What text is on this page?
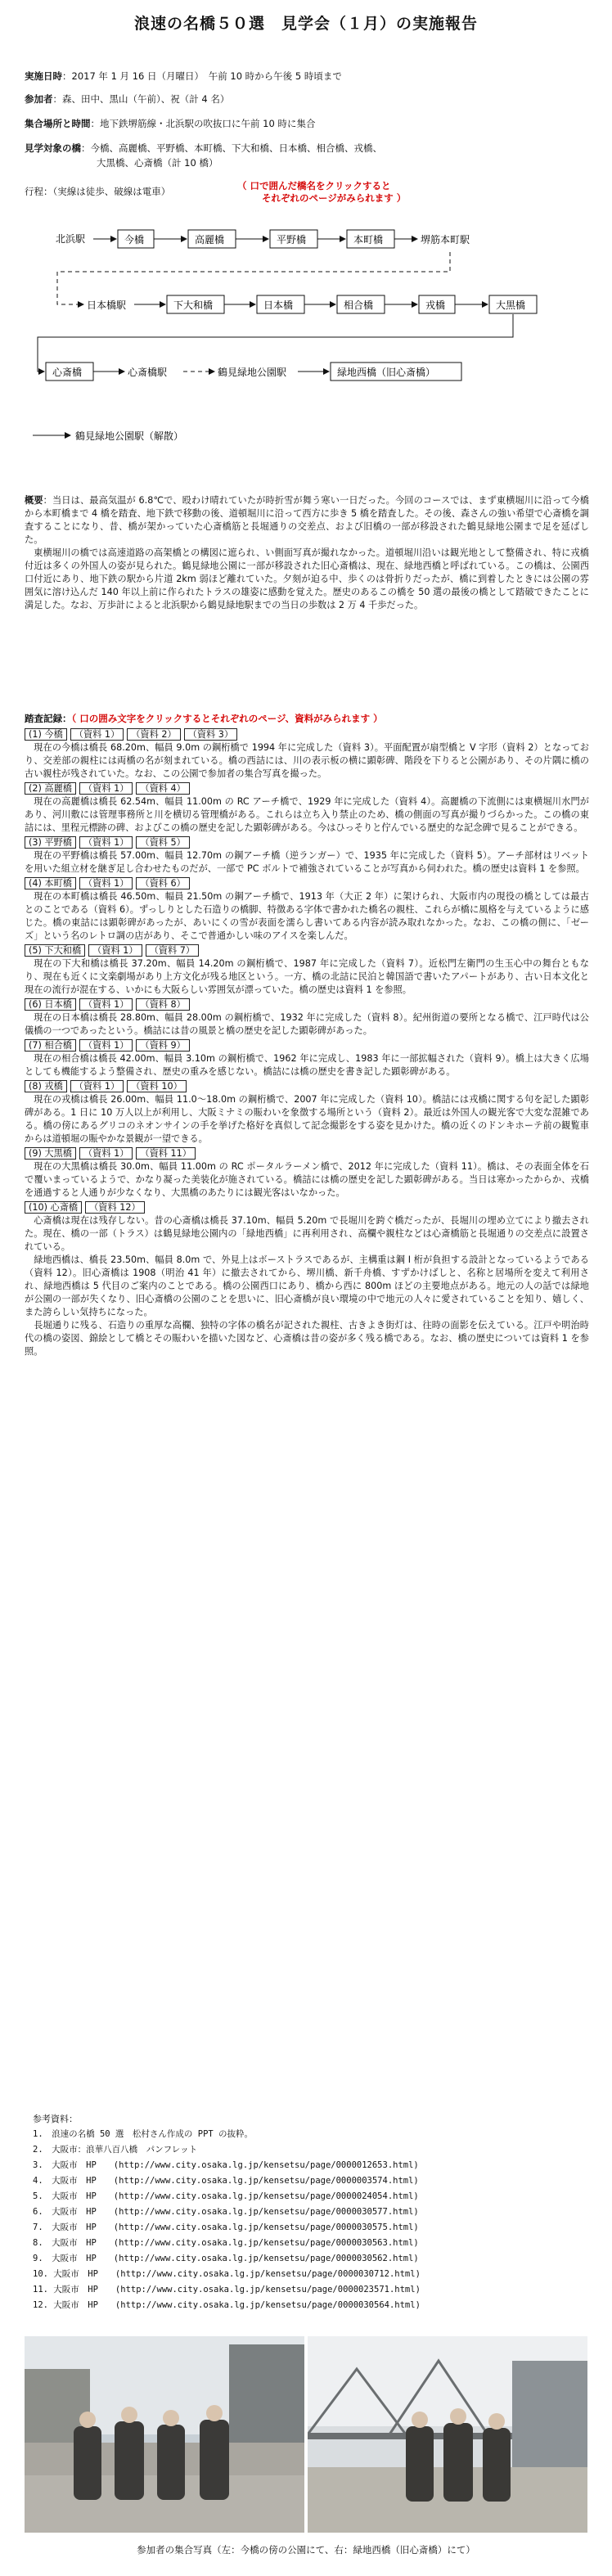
浪速の名橋５０選　見学会（１月）の実施報告
実施日時：2017 年 1 月 16 日（月曜日）　午前 10 時から午後 5 時頃まで
参加者：森、田中、黒山（午前）、祝（計 4 名）
集合場所と時間：地下鉄堺筋線・北浜駅の吹抜口に午前 10 時に集合
見学対象の橋：今橋、高麗橋、平野橋、本町橋、下大和橋、日本橋、相合橋、戎橋、
大黒橋、心斎橋（計 10 橋）
行程：（実線は徒歩、破線は電車）	（ 口で囲んだ橋名をクリックすると
それぞれのページがみられます ）
北浜駅	今橋	高麗橋	平野橋	本町橋	堺筋本町駅
日本橋駅	下大和橋	日本橋	相合橋	戎橋	大黒橋
心斎橋	心斎橋駅	鶴見緑地公園駅	緑地西橋（旧心斎橋）
鶴見緑地公園駅（解散）

概要：当日は、最高気温が 6.8℃で、殴わけ晴れていたが時折雪が舞う寒い一日だった。今回のコースでは、まず東横堀川に沿って今橋から本町橋まで 4 橋を踏査、地下鉄で移動の後、道頓堀川に沿って西方に歩き 5 橋を踏査した。その後、森さんの強い希望で心斎橋を調査することになり、昔、橋が架かっていた心斎橋筋と長堀通りの交差点、および旧橋の一部が移設された鶴見緑地公園まで足を延ばした。

東横堀川の橋では高速道路の高架橋との構図に遮られ、い側面写真が撮れなかった。道頓堀川沿いは観光地として整備され、特に戎橋付近は多くの外国人の姿が見られた。鶴見緑地公園に一部が移設された旧心斎橋は、現在、緑地西橋と呼ばれている。この橋は、公園西口付近にあり、地下鉄の駅から片道 2km 弱ほど離れていた。夕刻が迫る中、歩くのは骨折りだったが、橋に到着したときには公園の雰囲気に溶け込んだ 140 年以上前に作られたトラスの雄姿に感動を覚えた。歴史のあるこの橋を 50 選の最後の橋として踏破できたことに満足した。なお、万歩計によると北浜駅から鶴見緑地駅までの当日の歩数は 2 万 4 千歩だった。

踏査記録：（ 口の囲み文字をクリックするとそれぞれのページ、資料がみられます ）
(1) 今橋 （資料 1） （資料 2） （資料 3）

現在の今橋は橋長 68.20m、幅員 9.0m の鋼桁橋で 1994 年に完成した（資料 3）。平面配置が扇型橋と V 字形（資料 2）となっており、交差部の親柱には両橋の名が刻まれている。橋の西詰には、川の表示板の横に顕彰碑、階段を下りると公園があり、その片隅に橋の古い親柱が残されていた。なお、この公園で参加者の集合写真を撮った。

(2) 高麗橋 （資料 1） （資料 4）

現在の高麗橋は橋長 62.54m、幅員 11.00m の RC アーチ橋で、1929 年に完成した（資料 4）。高麗橋の下流側には東横堀川水門があり、河川敷には管理事務所と川を横切る管理橋がある。これらは立ち入り禁止のため、橋の側面の写真が撮りづらかった。この橋の東詰には、里程元標跡の碑、およびこの橋の歴史を記した顕彰碑がある。今はひっそりと佇んでいる歴史的な記念碑で見ることができる。

(3) 平野橋 （資料 1） （資料 5）

現在の平野橋は橋長 57.00m、幅員 12.70m の鋼アーチ橋（逆ランガー）で、1935 年に完成した（資料 5）。アーチ部材はリベットを用いた組立材を継ぎ足し合わせたものだが、一部で PC ボルトで補強されていることが写真から伺われた。橋の歴史は資料 1 を参照。

(4) 本町橋 （資料 1） （資料 6）

現在の本町橋は橋長 46.50m、幅員 21.50m の鋼アーチ橋で、1913 年（大正 2 年）に架けられ、大阪市内の現役の橋としては最古とのことである（資料 6）。ずっしりとした石造りの橋脚、特徴ある字体で書かれた橋名の親柱、これらが橋に風格を与えているように感じた。橋の東詰には顕彰碑があったが、あいにくの雪が表面を濡らし書いてある内容が読み取れなかった。なお、この橋の側に、「ゼーズ」という名のレトロ調の店があり、そこで普通かしい味のアイスを楽しんだ。

(5) 下大和橋 （資料 1） （資料 7）

現在の下大和橋は橋長 37.20m、幅員 14.20m の鋼桁橋で、1987 年に完成した（資料 7）。近松門左衛門の生玉心中の舞台ともなり、現在も近くに文楽劇場があり上方文化が残る地区という。一方、橋の北詰に民泊と韓国語で書いたアパートがあり、古い日本文化と現在の流行が混在する、いかにも大阪らしい雰囲気が漂っていた。橋の歴史は資料 1 を参照。

(6) 日本橋 （資料 1） （資料 8）

現在の日本橋は橋長 28.80m、幅員 28.00m の鋼桁橋で、1932 年に完成した（資料 8）。紀州街道の要所となる橋で、江戸時代は公儀橋の一つであったという。橋詰には昔の風景と橋の歴史を記した顕彰碑があった。

(7) 相合橋 （資料 1） （資料 9）

現在の相合橋は橋長 42.00m、幅員 3.10m の鋼桁橋で、1962 年に完成し、1983 年に一部拡幅された（資料 9）。橋上は大きく広場としても機能するよう整備され、歴史の重みを感じない。橋詰には橋の歴史を書き記した顕彰碑がある。

(8) 戎橋 （資料 1） （資料 10）

現在の戎橋は橋長 26.00m、幅員 11.0〜18.0m の鋼桁橋で、2007 年に完成した（資料 10）。橋詰には戎橋に関する句を記した顕彰碑がある。1 日に 10 万人以上が利用し、大阪ミナミの賑わいを象徴する場所という（資料 2）。最近は外国人の観光客で大変な混雑である。橋の傍にあるグリコのネオンサインの手を挙げた格好を真似して記念撮影をする姿を見かけた。橋の近くのドンキホーテ前の観覧車からは道頓堀の賑やかな景観が一望できる。

(9) 大黒橋 （資料 1） （資料 11）

現在の大黒橋は橋長 30.0m、幅員 11.00m の RC ポータルラーメン橋で、2012 年に完成した（資料 11）。橋は、その表面全体を石で覆いまっているようで、かなり凝った美装化が施されている。橋詰には橋の歴史を記した顕彰碑がある。当日は寒かったからか、戎橋を通過すると人通りが少なくなり、大黒橋のあたりには観光客はいなかった。

(10) 心斎橋 （資料 12）

心斎橋は現在は残存しない。昔の心斎橋は橋長 37.10m、幅員 5.20m で長堀川を跨ぐ橋だったが、長堀川の埋め立てにより撤去された。現在、橋の一部（トラス）は鶴見緑地公園内の「緑地西橋」に再利用され、高欄や親柱などは心斎橋筋と長堀通りの交差点に設置されている。

緑地西橋は、橋長 23.50m、幅員 8.0m で、外見上はボーストラスであるが、主構重は鋼 I 桁が負担する設計となっているようである（資料 12）。旧心斎橋は 1908（明治 41 年）に撤去されてから、堺川橋、新千舟橋、すずかけばしと、名称と居場所を変えて利用され、緑地西橋は 5 代目のご案内のことである。橋の公園西口にあり、橋から西に 800m ほどの主要地点がある。地元の人の話では緑地が公園の一部が失くなり、旧心斎橋の公園のことを思いに、旧心斎橋が良い環境の中で地元の人々に愛されていることを知り、嬉しく、また誇らしい気持ちになった。

長堀通りに残る、石造りの重厚な高欄、独特の字体の橋名が記された親柱、古きよき街灯は、往時の面影を伝えている。江戸や明治時代の橋の姿図、錦絵として橋とその賑わいを描いた図など、心斎橋は昔の姿が多く残る橋である。なお、橋の歴史については資料 1 を参照。

参考資料：
1.　浪速の名橋 50 選　松村さん作成の PPT の抜粋。
2.　大阪市：浪華八百八橋　パンフレット
3.　大阪市　HP　　(http://www.city.osaka.lg.jp/kensetsu/page/0000012653.html)
4.　大阪市　HP　　(http://www.city.osaka.lg.jp/kensetsu/page/0000003574.html)
5.　大阪市　HP　　(http://www.city.osaka.lg.jp/kensetsu/page/0000024054.html)
6.　大阪市　HP　　(http://www.city.osaka.lg.jp/kensetsu/page/0000030577.html)
7.　大阪市　HP　　(http://www.city.osaka.lg.jp/kensetsu/page/0000030575.html)
8.　大阪市　HP　　(http://www.city.osaka.lg.jp/kensetsu/page/0000030563.html)
9.　大阪市　HP　　(http://www.city.osaka.lg.jp/kensetsu/page/0000030562.html)
10. 大阪市　HP　　(http://www.city.osaka.lg.jp/kensetsu/page/0000030712.html)
11. 大阪市　HP　　(http://www.city.osaka.lg.jp/kensetsu/page/0000023571.html)
12. 大阪市　HP　　(http://www.city.osaka.lg.jp/kensetsu/page/0000030564.html)
参加者の集合写真（左：今橋の傍の公園にて、右：緑地西橋（旧心斎橋）にて）
